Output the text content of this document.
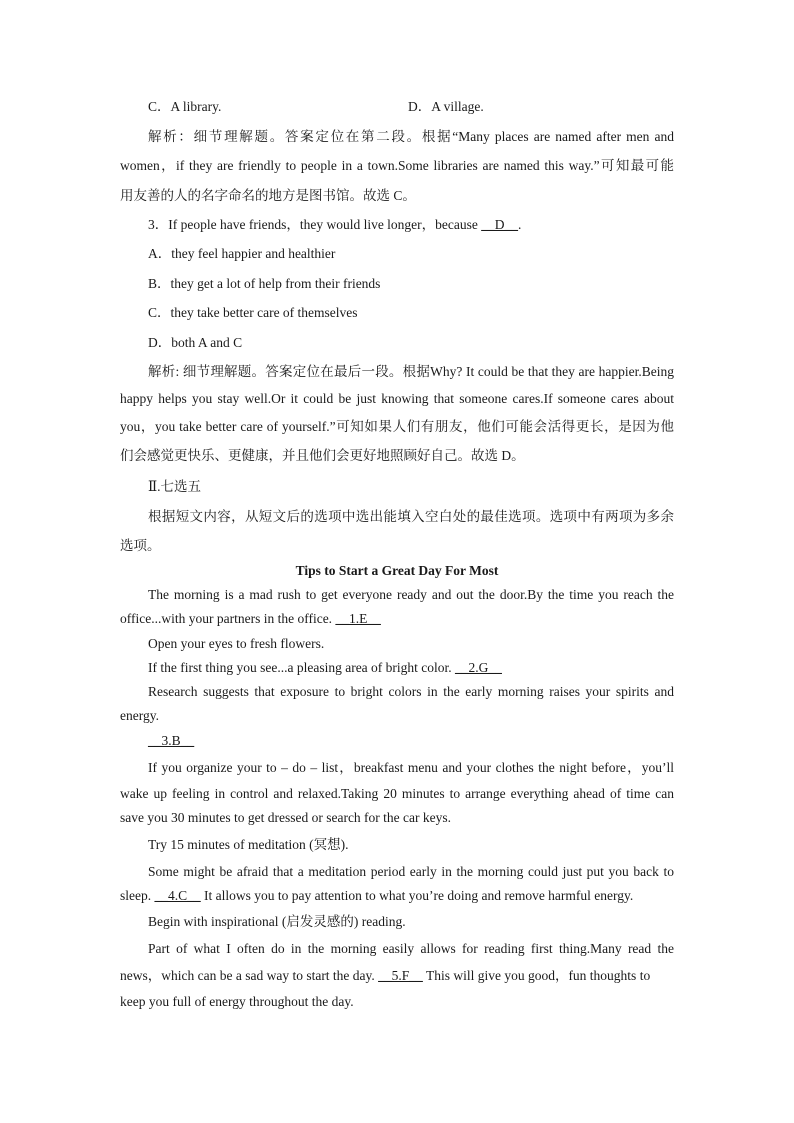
C．A library.	D．A village.
解析：细节理解题。答案定位在第二段。根据“Many places are named after men and
women，if they are friendly to people in a town.Some libraries are named this way.”可知最可能
用友善的人的名字命名的地方是图书馆。故选 C。
3．If people have friends，they would live longer，because __D__.
A．they feel happier and healthier
B．they get a lot of help from their friends
C．they take better care of themselves
D．both A and C
解析: 细节理解题。答案定位在最后一段。根据Why? It could be that they are happier.Being
happy helps you stay well.Or it could be just knowing that someone cares.If someone cares about
you，you take better care of yourself.”可知如果人们有朋友，他们可能会活得更长，是因为他
们会感觉更快乐、更健康，并且他们会更好地照顾好自己。故选 D。
Ⅱ.七选五
根据短文内容，从短文后的选项中选出能填入空白处的最佳选项。选项中有两项为多余
选项。
Tips to Start a Great Day For Most
The morning is a mad rush to get everyone ready and out the door.By the time you reach the
office...with your partners in the office. __1.E__
Open your eyes to fresh flowers.
If the first thing you see...a pleasing area of bright color. __2.G__
Research suggests that exposure to bright colors in the early morning raises your spirits and
energy.
__3.B__
If you organize your to – do – list，breakfast menu and your clothes the night before，you’ll
wake up feeling in control and relaxed.Taking 20 minutes to arrange everything ahead of time can
save you 30 minutes to get dressed or search for the car keys.
Try 15 minutes of meditation (冥想).
Some might be afraid that a meditation period early in the morning could just put you back to
sleep. __4.C__ It allows you to pay attention to what you’re doing and remove harmful energy.
Begin with inspirational (启发灵感的) reading.
Part of what I often do in the morning easily allows for reading first thing.Many read the
news，which can be a sad way to start the day. __5.F__ This will give you good，fun thoughts to
keep you full of energy throughout the day.
